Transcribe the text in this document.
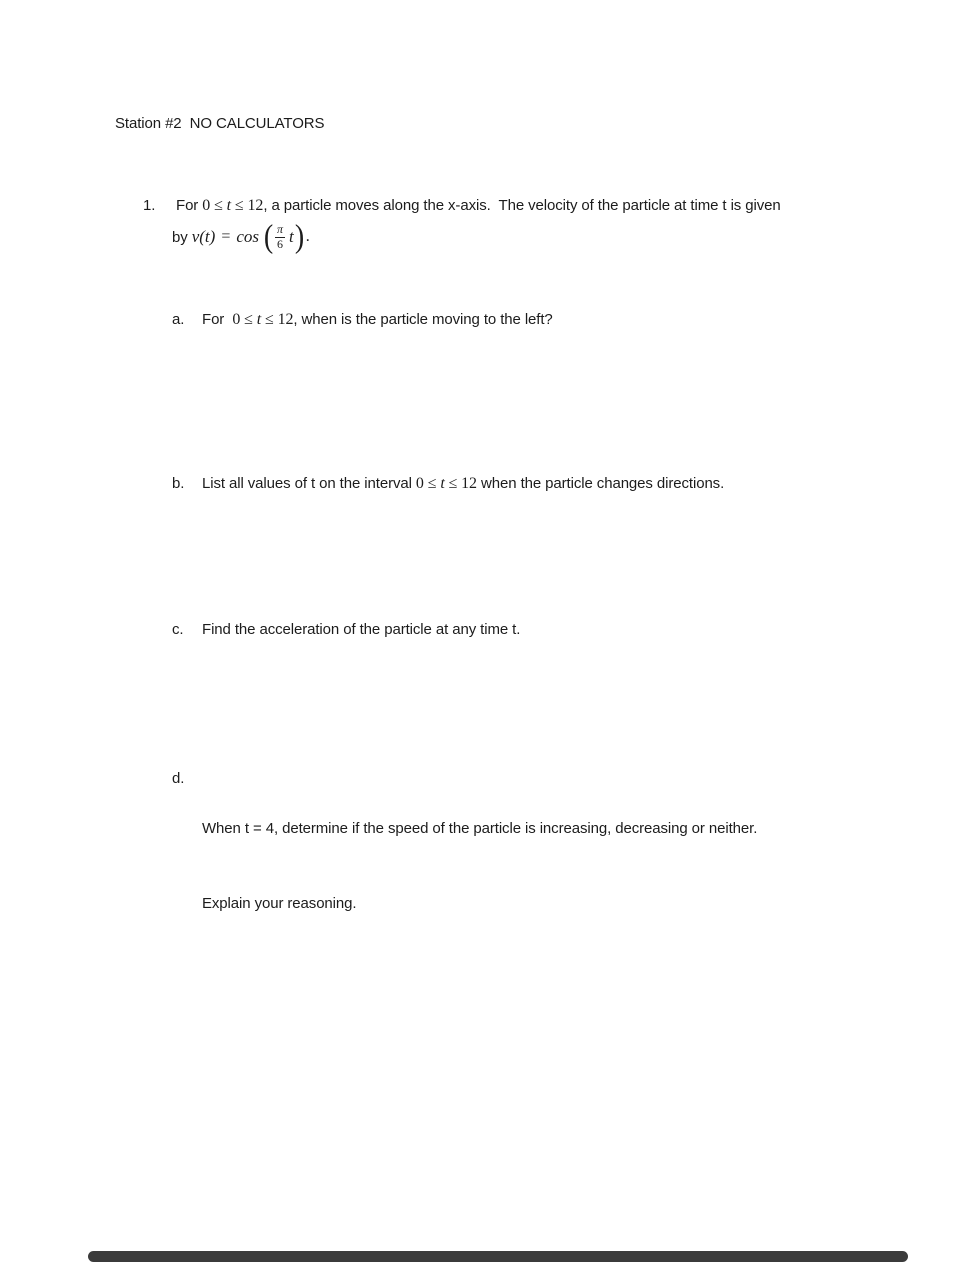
Station #2  NO CALCULATORS
1.	For 0 ≤ t ≤ 12, a particle moves along the x-axis.  The velocity of the particle at time t is given
by v(t) = cos ( $\frac{\pi}{6}$ t ) .
a.	For  0 ≤ t ≤ 12, when is the particle moving to the left?
b.	List all values of t on the interval 0 ≤ t ≤ 12 when the particle changes directions.
c.	Find the acceleration of the particle at any time t.
d.

When t = 4, determine if the speed of the particle is increasing, decreasing or neither.

Explain your reasoning.
